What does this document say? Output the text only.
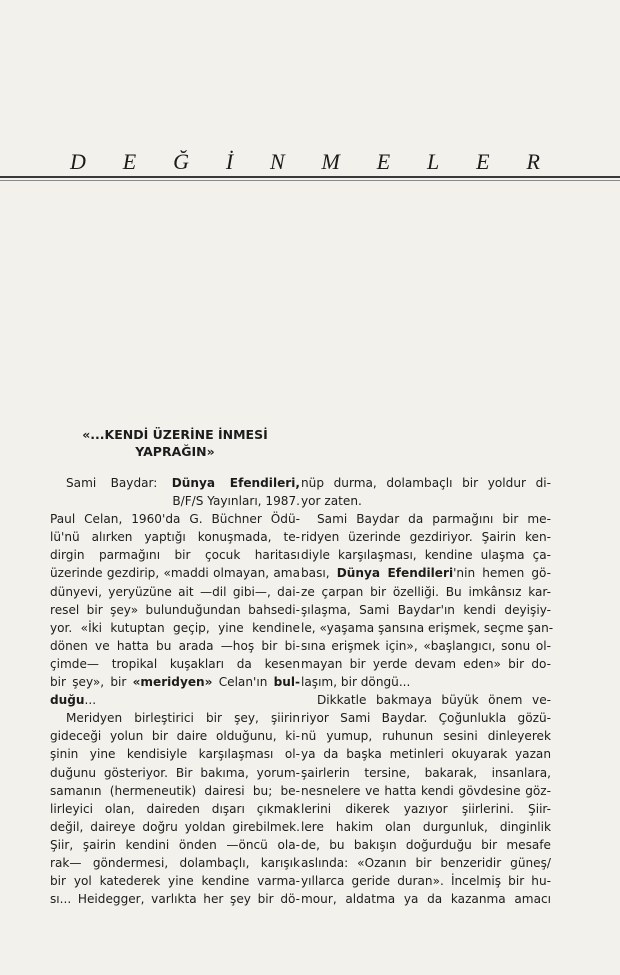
D E Ğ İ N M E L E R
«...KENDİ ÜZERİNE İNMESİ
YAPRAĞIN»
Sami Baydar: Dünya Efendileri,
B/F/S Yayınları, 1987.
Paul Celan, 1960'da G. Büchner Ödü-
lü'nü alırken yaptığı konuşmada, te-
dirgin parmağını bir çocuk haritası
üzerinde gezdirip, «maddi olmayan, ama
dünyevi, yeryüzüne ait —dil gibi—, dai-
resel bir şey» bulunduğundan bahsedi-
yor. «İki kutuptan geçip, yine kendine
dönen ve hatta bu arada —hoş bir bi-
çimde— tropikal kuşakları da kesen
bir şey», bir «meridyen» Celan'ın bul-
duğu...
Meridyen birleştirici bir şey, şiirin
gideceği yolun bir daire olduğunu, ki-
şinin yine kendisiyle karşılaşması ol-
duğunu gösteriyor. Bir bakıma, yorum-
samanın (hermeneutik) dairesi bu; be-
lirleyici olan, daireden dışarı çıkmak
değil, daireye doğru yoldan girebilmek.
Şiir, şairin kendini önden —öncü ola-
rak— göndermesi, dolambaçlı, karışık
bir yol katederek yine kendine varma-
sı... Heidegger, varlıkta her şey bir dö-
nüp durma, dolambaçlı bir yoldur di-
yor zaten.
Sami Baydar da parmağını bir me-
ridyen üzerinde gezdiriyor. Şairin ken-
diyle karşılaşması, kendine ulaşma ça-
bası, Dünya Efendileri'nin hemen gö-
ze çarpan bir özelliği. Bu imkânsız kar-
şılaşma, Sami Baydar'ın kendi deyişiy-
le, «yaşama şansına erişmek, seçme şan-
sına erişmek için», «başlangıcı, sonu ol-
mayan bir yerde devam eden» bir do-
laşım, bir döngü...
Dikkatle bakmaya büyük önem ve-
riyor Sami Baydar. Çoğunlukla gözü-
nü yumup, ruhunun sesini dinleyerek
ya da başka metinleri okuyarak yazan
şairlerin tersine, bakarak, insanlara,
nesnelere ve hatta kendi gövdesine göz-
lerini dikerek yazıyor şiirlerini. Şiir-
lere hakim olan durgunluk, dinginlik
de, bu bakışın doğurduğu bir mesafe
aslında: «Ozanın bir benzeridir güneş/
yıllarca geride duran». İncelmiş bir hu-
mour, aldatma ya da kazanma amacı
